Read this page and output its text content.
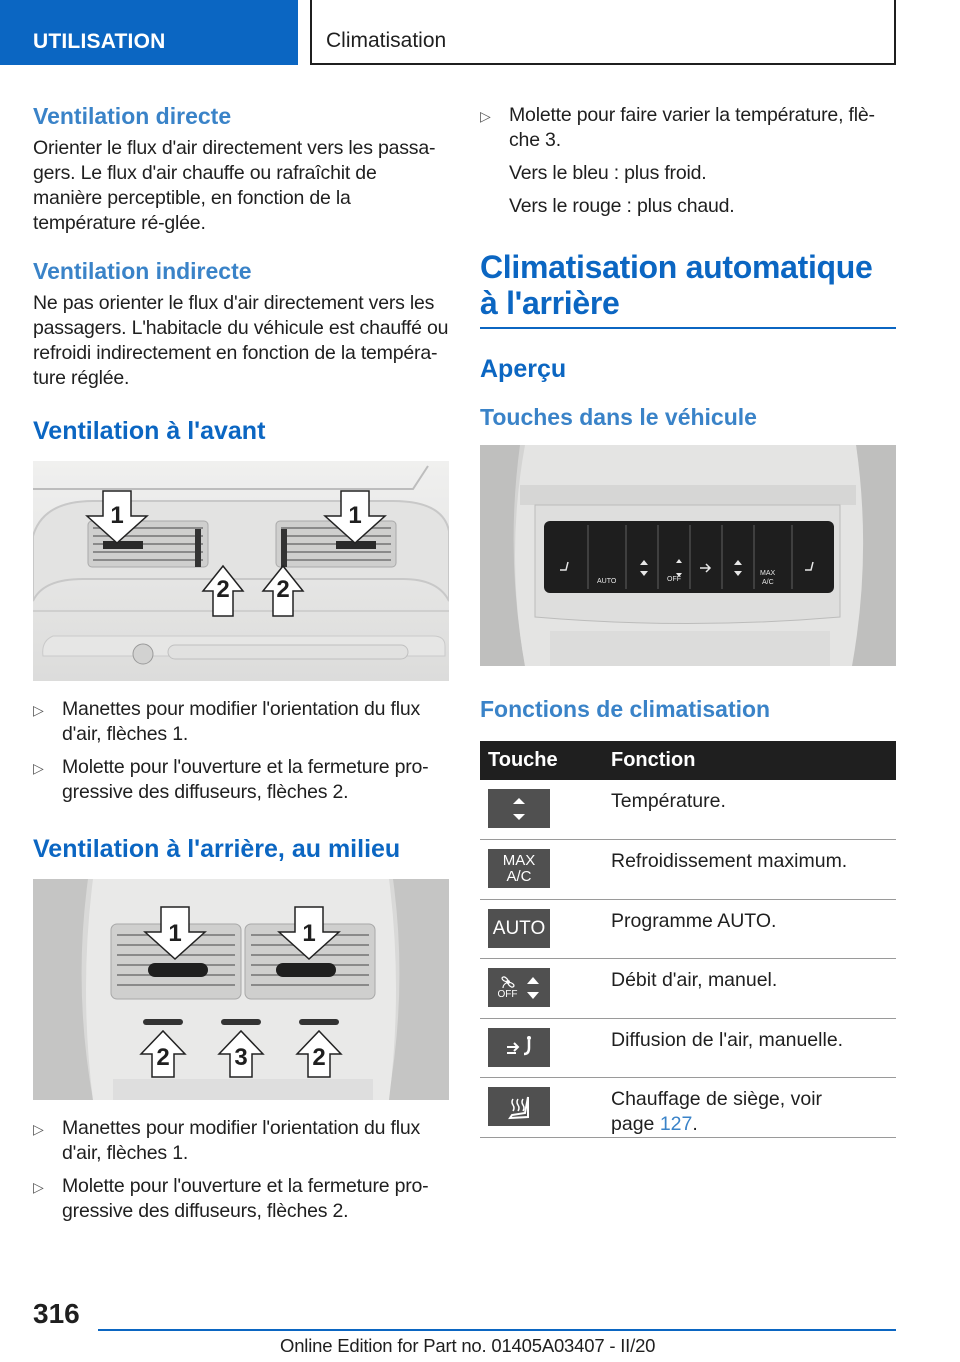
UTILISATION	Climatisation
Ventilation directe
Orienter le flux d'air directement vers les passa-gers. Le flux d'air chauffe ou rafraîchit de manière perceptible, en fonction de la température ré-glée.
Ventilation indirecte
Ne pas orienter le flux d'air directement vers les passagers. L'habitacle du véhicule est chauffé ou refroidi indirectement en fonction de la tempéra-ture réglée.
Ventilation à l'avant
1	1
2 2
▷ Manettes pour modifier l'orientation du flux d'air, flèches 1.
▷ Molette pour l'ouverture et la fermeture pro-gressive des diffuseurs, flèches 2.
Ventilation à l'arrière, au milieu
1	1
2	3	2
▷ Manettes pour modifier l'orientation du flux d'air, flèches 1.
▷ Molette pour l'ouverture et la fermeture pro-gressive des diffuseurs, flèches 2.
▷ Molette pour faire varier la température, flè-che 3.
Vers le bleu : plus froid.
Vers le rouge : plus chaud.
Climatisation automatique à l'arrière
Aperçu
Touches dans le véhicule
AUTO	OFF
MAX
A/C
Fonctions de climatisation
Touche	Fonction

	Température.

MAX
A/C	Refroidissement maximum.

AUTO	Programme AUTO.

OFF	Débit d'air, manuel.

	Diffusion de l'air, manuelle.

	Chauffage de siège, voir
page 127.
316
Online Edition for Part no. 01405A03407 - II/20
